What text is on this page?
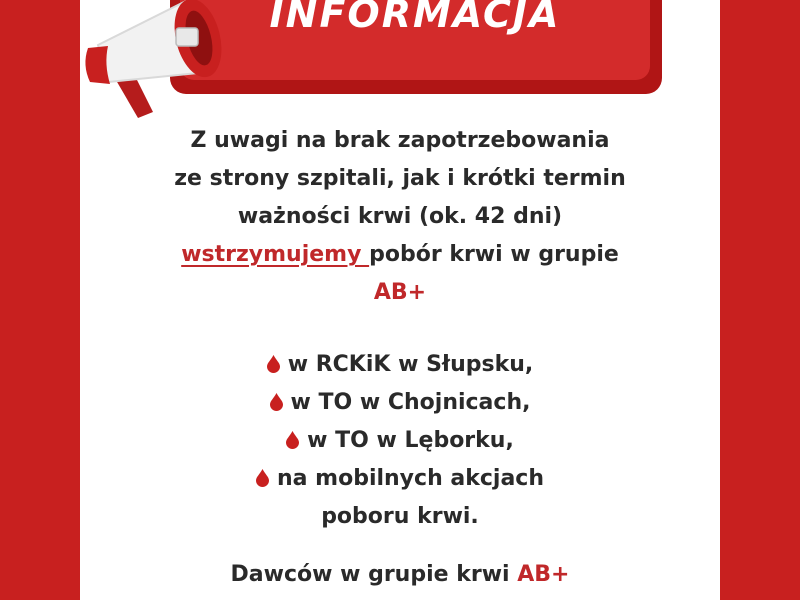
INFORMACJA
Z uwagi na brak zapotrzebowania
ze strony szpitali, jak i krótki termin
ważności krwi (ok. 42 dni)
wstrzymujemy pobór krwi w grupie
AB+
w RCKiK w Słupsku,
w TO w Chojnicach,
w TO w Lęborku,
na mobilnych akcjach
poboru krwi.
Dawców w grupie krwi AB+
